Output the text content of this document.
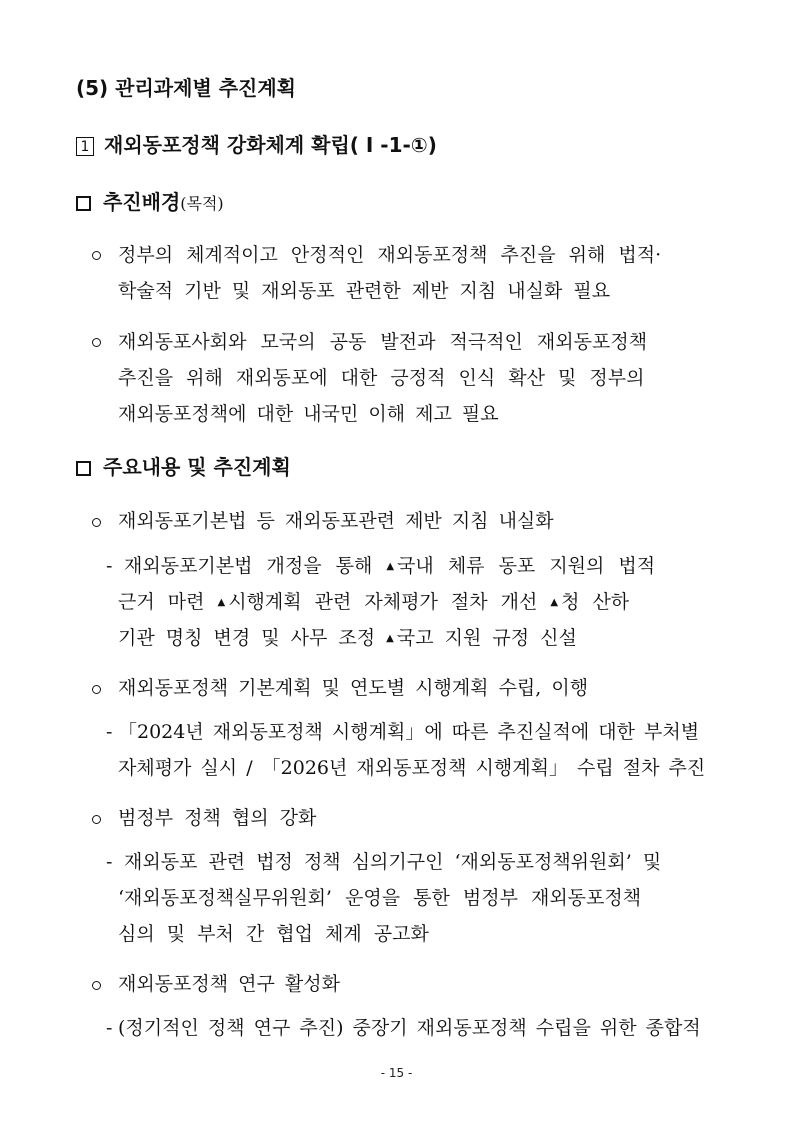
(5) 관리과제별 추진계획
1 재외동포정책 강화체계 확립( I -1-①)
추진배경(목적)
정부의 체계적이고 안정적인 재외동포정책 추진을 위해 법적·
학술적 기반 및 재외동포 관련한 제반 지침 내실화 필요
재외동포사회와 모국의 공동 발전과 적극적인 재외동포정책
추진을 위해 재외동포에 대한 긍정적 인식 확산 및 정부의
재외동포정책에 대한 내국민 이해 제고 필요
주요내용 및 추진계획
재외동포기본법 등 재외동포관련 제반 지침 내실화
- 재외동포기본법 개정을 통해 ▲ 국내 체류 동포 지원의 법적
근거 마련 ▲ 시행계획 관련 자체평가 절차 개선 ▲ 청 산하
기관 명칭 변경 및 사무 조정 ▲ 국고 지원 규정 신설
재외동포정책 기본계획 및 연도별 시행계획 수립, 이행
- 「2024년 재외동포정책 시행계획」에 따른 추진실적에 대한 부처별
자체평가 실시 / 「2026년 재외동포정책 시행계획」 수립 절차 추진
범정부 정책 협의 강화
- 재외동포 관련 법정 정책 심의기구인 ‘재외동포정책위원회’ 및
‘재외동포정책실무위원회’ 운영을 통한 범정부 재외동포정책
심의 및 부처 간 협업 체계 공고화
재외동포정책 연구 활성화
- (정기적인 정책 연구 추진) 중장기 재외동포정책 수립을 위한 종합적
- 15 -
